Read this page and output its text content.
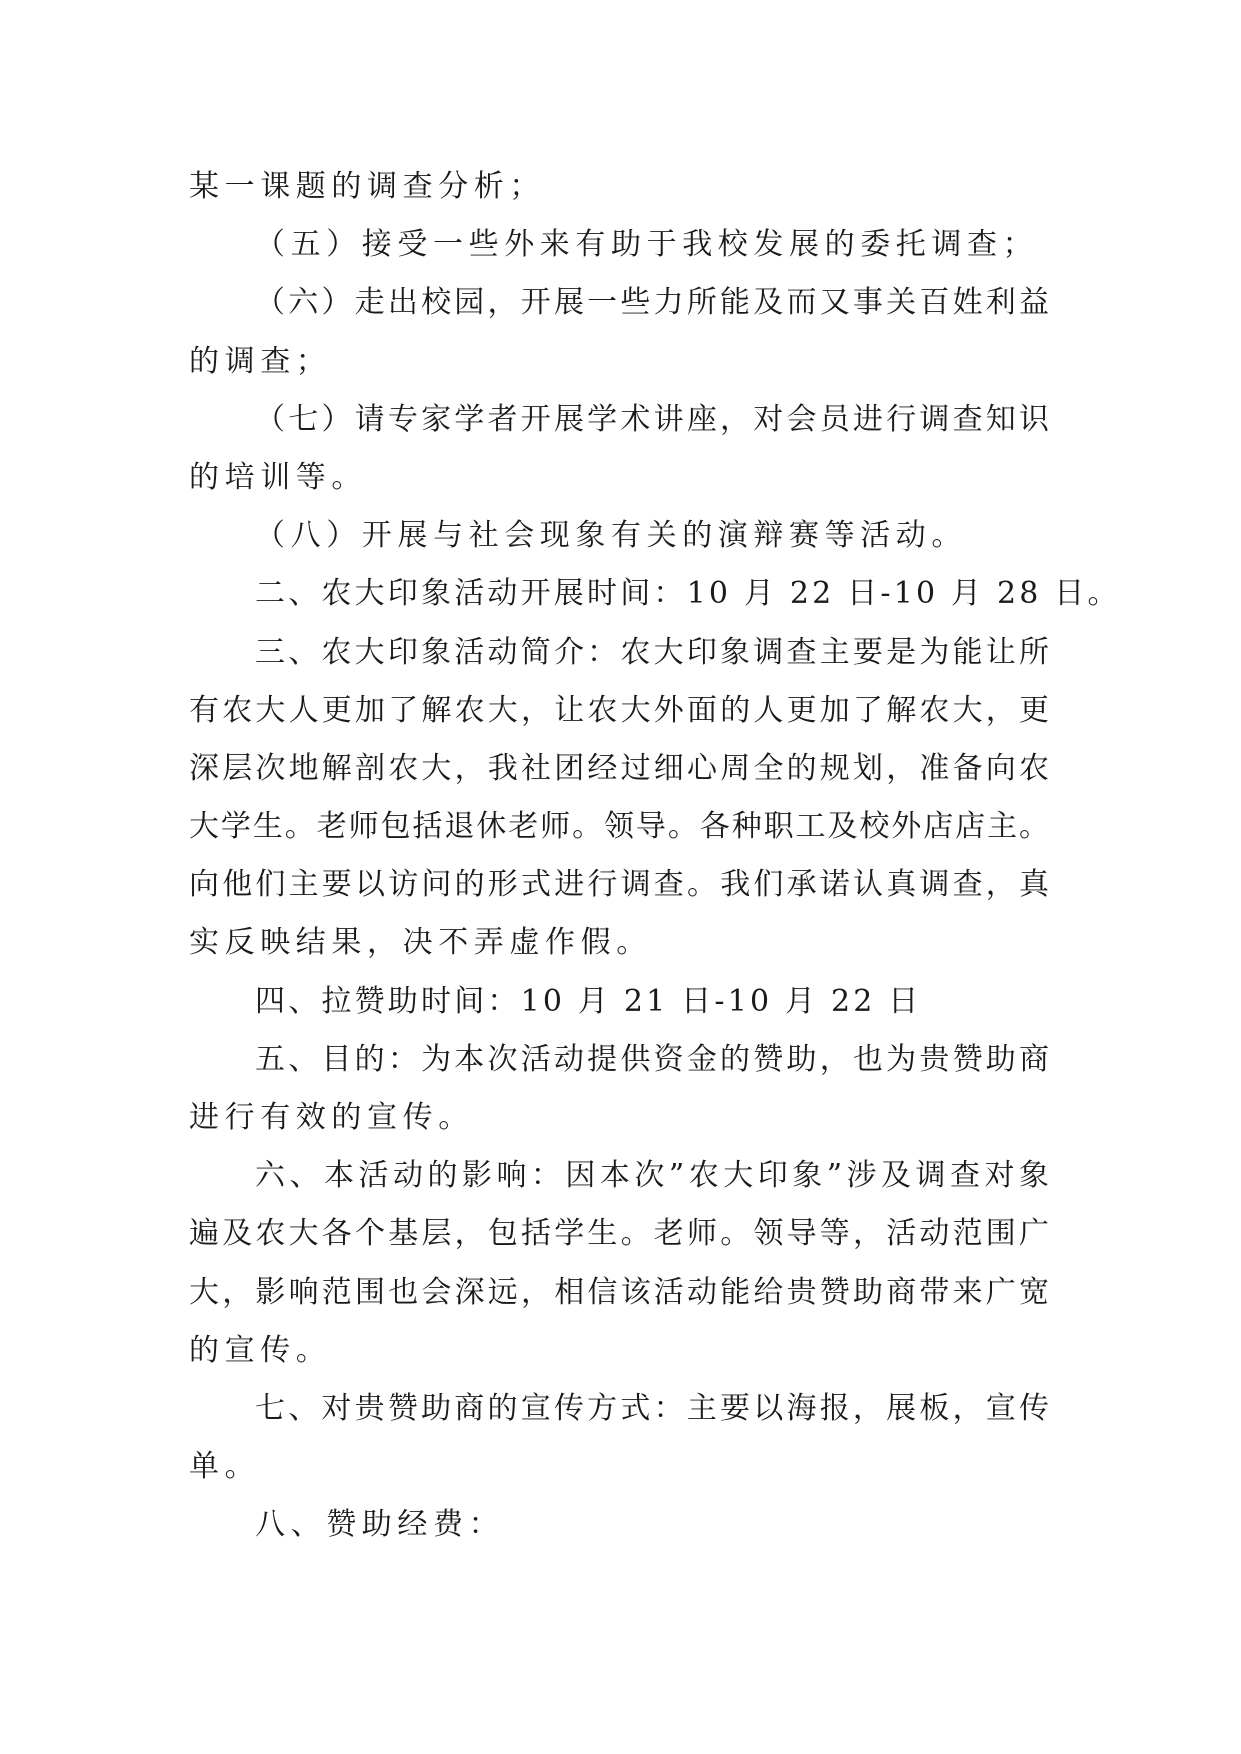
某一课题的调查分析；
（五）接受一些外来有助于我校发展的委托调查；
（六）走出校园，开展一些力所能及而又事关百姓利益
的调查；
（七）请专家学者开展学术讲座，对会员进行调查知识
的培训等。
（八）开展与社会现象有关的演辩赛等活动。
二、农大印象活动开展时间：10 月 22 日-10 月 28 日。
三、农大印象活动简介：农大印象调查主要是为能让所
有农大人更加了解农大，让农大外面的人更加了解农大，更
深层次地解剖农大，我社团经过细心周全的规划，准备向农
大学生。老师包括退休老师。领导。各种职工及校外店店主。
向他们主要以访问的形式进行调查。我们承诺认真调查，真
实反映结果，决不弄虚作假。
四、拉赞助时间：10 月 21 日-10 月 22 日
五、目的：为本次活动提供资金的赞助，也为贵赞助商
进行有效的宣传。
六、本活动的影响：因本次”农大印象”涉及调查对象
遍及农大各个基层，包括学生。老师。领导等，活动范围广
大，影响范围也会深远，相信该活动能给贵赞助商带来广宽
的宣传。
七、对贵赞助商的宣传方式：主要以海报，展板，宣传
单。
八、赞助经费：
